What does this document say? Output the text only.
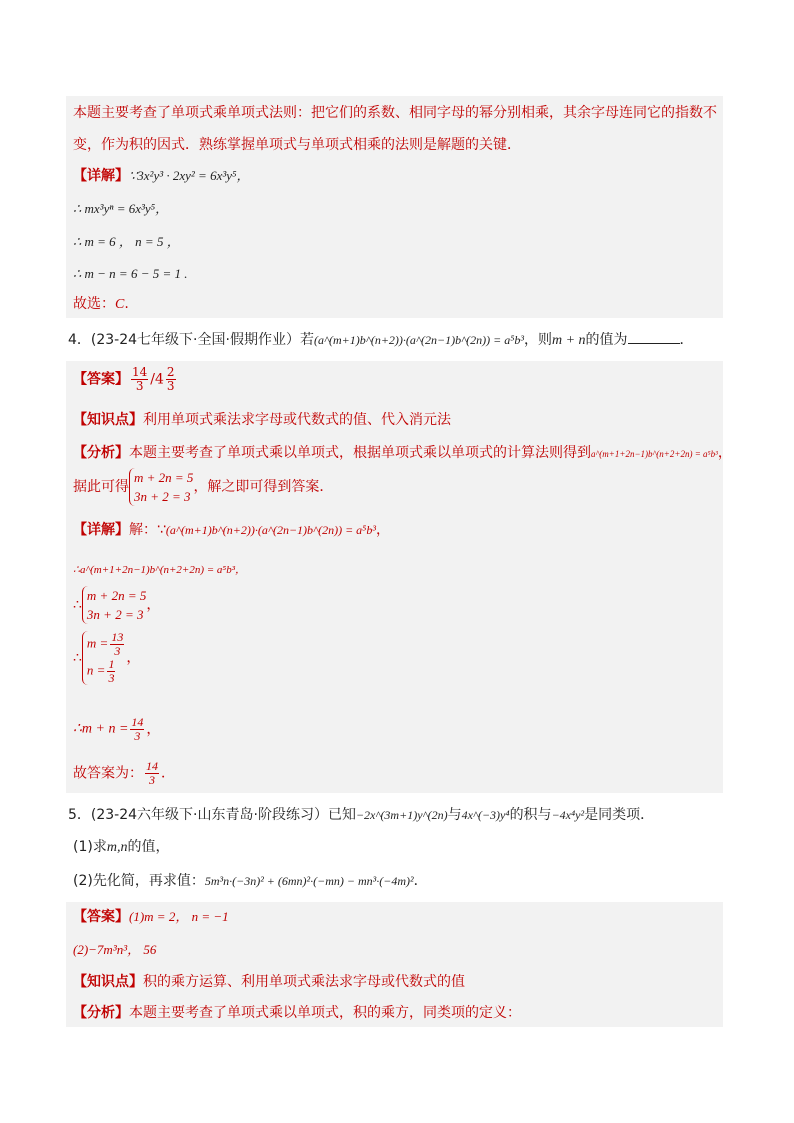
本题主要考查了单项式乘单项式法则：把它们的系数、相同字母的幂分别相乘，其余字母连同它的指数不
变，作为积的因式．熟练掌握单项式与单项式相乘的法则是解题的关键．
【详解】∵3x²y³ · 2xy² = 6x³y⁵，
∴ mx³yⁿ = 6x³y⁵，
∴ m = 6 ， n = 5 ，
∴ m − n = 6 − 5 = 1 .
故选：C.
4．(23-24七年级下·全国·假期作业）若(a^(m+1)b^(n+2))·(a^(2n−1)b^(2n)) = a⁵b³，则m + n的值为	．
【答案】 $\frac{14}{3} /4 \frac{2}{3}$
【知识点】利用单项式乘法求字母或代数式的值、代入消元法
【分析】本题主要考查了单项式乘以单项式，根据单项式乘以单项式的计算法则得到a^(m+1+2n−1)b^(n+2+2n) = a⁵b³，
据此可得
m + 2n = 5
3n + 2 = 3
，解之即可得到答案．
【详解】解：∵(a^(m+1)b^(n+2))·(a^(2n−1)b^(2n)) = a⁵b³，
∴a^(m+1+2n−1)b^(n+2+2n) = a⁵b³，
∴
m + 2n = 5
3n + 2 = 3
，
∴
$m = \frac{13}{3}$
$n = \frac{1}{3}$ ，
∴m + $n = \frac{14}{3}$ ，
故答案为： $\frac{14}{3}$ ．
5．(23-24六年级下·山东青岛·阶段练习）已知−2x^(3m+1)y^(2n)与4x^(−3)y⁴的积与−4x⁴y²是同类项．
(1)求m,n的值，
(2)先化简，再求值：5m³n·(−3n)² + (6mn)²·(−mn) − mn³·(−4m)²．
【答案】(1)m = 2， n = −1
(2)−7m³n³， 56
【知识点】积的乘方运算、利用单项式乘法求字母或代数式的值
【分析】本题主要考查了单项式乘以单项式，积的乘方，同类项的定义：
